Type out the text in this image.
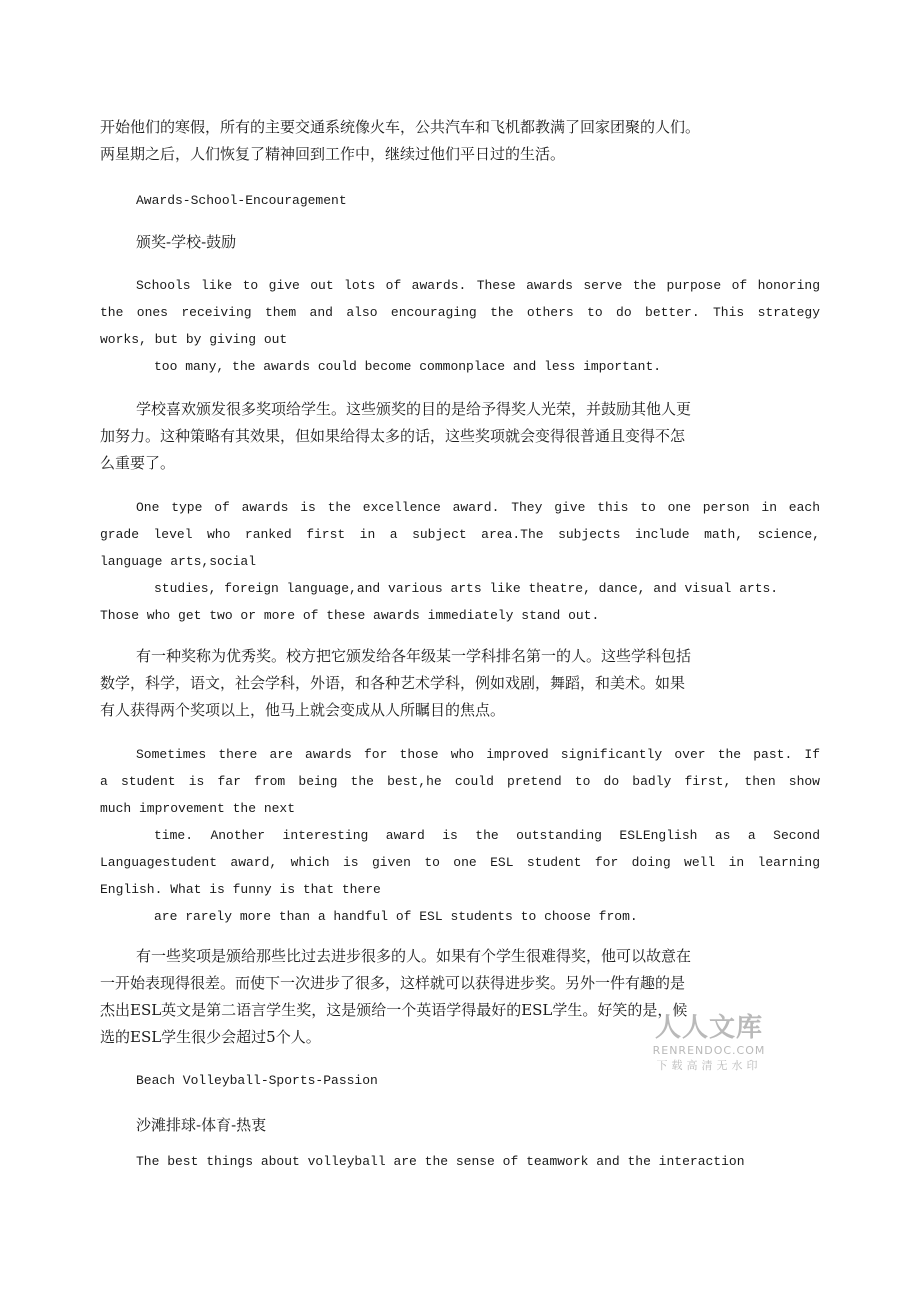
开始他们的寒假，所有的主要交通系统像火车，公共汽车和飞机都教满了回家团聚的人们。
两星期之后，人们恢复了精神回到工作中，继续过他们平日过的生活。
Awards-School-Encouragement
颁奖-学校-鼓励
Schools like to give out lots of awards. These awards serve the purpose of honoring
the ones receiving them and also encouraging the others to do better. This strategy
works, but by giving out
too many, the awards could become commonplace and less important.
学校喜欢颁发很多奖项给学生。这些颁奖的目的是给予得奖人光荣，并鼓励其他人更
加努力。这种策略有其效果，但如果给得太多的话，这些奖项就会变得很普通且变得不怎
么重要了。
One type of awards is the excellence award. They give this to one person in each
grade level who ranked first in a subject area.The subjects include math, science,
language arts,social
studies, foreign language,and various arts like theatre, dance, and visual arts.
Those who get two or more of these awards immediately stand out.
有一种奖称为优秀奖。校方把它颁发给各年级某一学科排名第一的人。这些学科包括
数学，科学，语文，社会学科，外语，和各种艺术学科，例如戏剧，舞蹈，和美术。如果
有人获得两个奖项以上，他马上就会变成从人所瞩目的焦点。
Sometimes there are awards for those who improved significantly over the past. If
a student is far from being the best,he could pretend to do badly first, then show
much improvement the next
time. Another interesting award is the outstanding ESLEnglish as a Second
Languagestudent award, which is given to one ESL student for doing well in learning
English. What is funny is that there
are rarely more than a handful of ESL students to choose from.
有一些奖项是颁给那些比过去进步很多的人。如果有个学生很难得奖，他可以故意在
一开始表现得很差。而使下一次进步了很多，这样就可以获得进步奖。另外一件有趣的是
杰出ESL英文是第二语言学生奖，这是颁给一个英语学得最好的ESL学生。好笑的是，候
选的ESL学生很少会超过5个人。	人人文库
RENRENDOC.COM
下载高清无水印
Beach Volleyball-Sports-Passion
沙滩排球-体育-热衷
The best things about volleyball are the sense of teamwork and the interaction
